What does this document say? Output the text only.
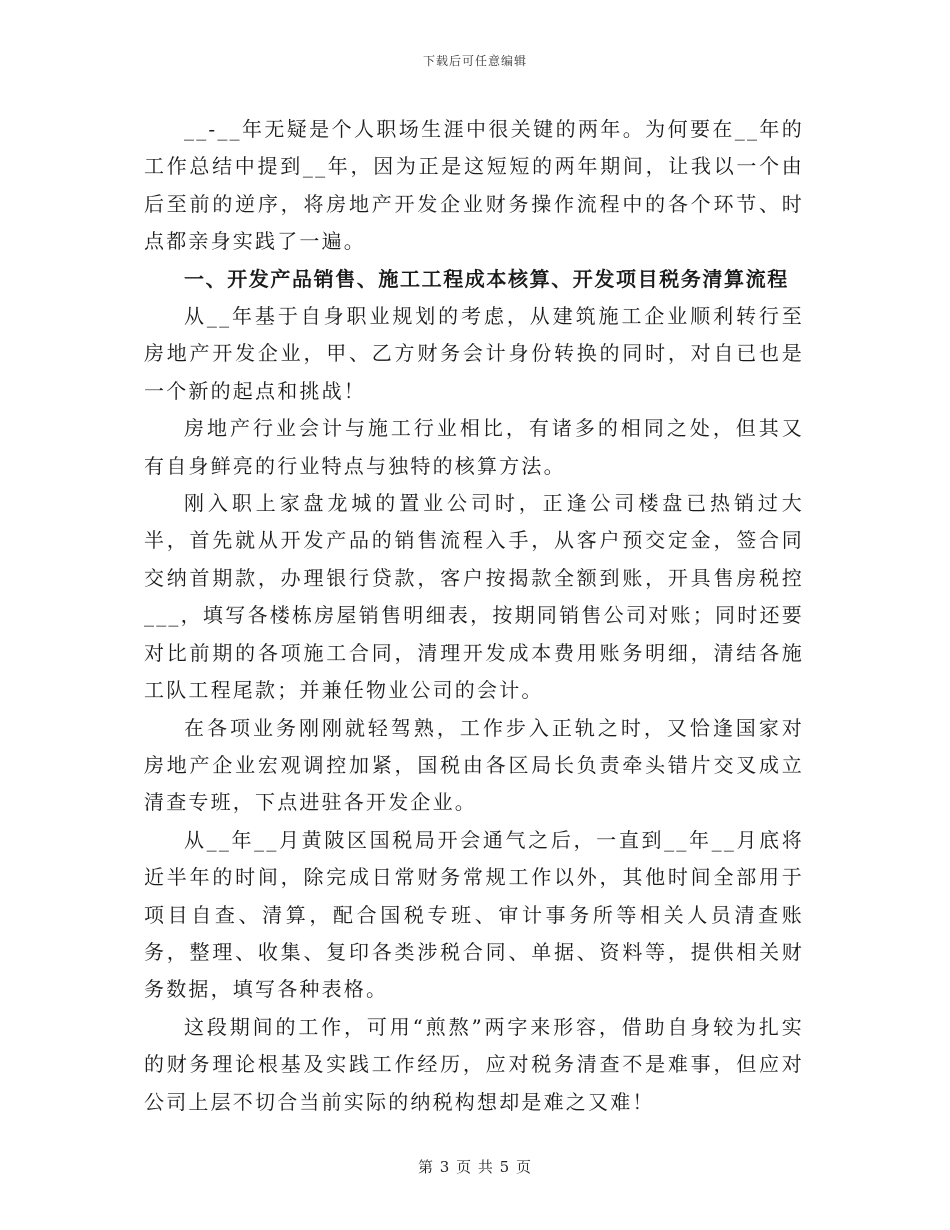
下载后可任意编辑

__-__年无疑是个人职场生涯中很关键的两年。为何要在__年的工作总结中提到__年，因为正是这短短的两年期间，让我以一个由后至前的逆序，将房地产开发企业财务操作流程中的各个环节、时点都亲身实践了一遍。

一、开发产品销售、施工工程成本核算、开发项目税务清算流程

从__年基于自身职业规划的考虑，从建筑施工企业顺利转行至房地产开发企业，甲、乙方财务会计身份转换的同时，对自已也是一个新的起点和挑战！

房地产行业会计与施工行业相比，有诸多的相同之处，但其又有自身鲜亮的行业特点与独特的核算方法。

刚入职上家盘龙城的置业公司时，正逢公司楼盘已热销过大半，首先就从开发产品的销售流程入手，从客户预交定金，签合同交纳首期款，办理银行贷款，客户按揭款全额到账，开具售房税控___，填写各楼栋房屋销售明细表，按期同销售公司对账；同时还要对比前期的各项施工合同，清理开发成本费用账务明细，清结各施工队工程尾款；并兼任物业公司的会计。

在各项业务刚刚就轻驾熟，工作步入正轨之时，又恰逢国家对房地产企业宏观调控加紧，国税由各区局长负责牵头错片交叉成立清查专班，下点进驻各开发企业。

从__年__月黄陂区国税局开会通气之后，一直到__年__月底将近半年的时间，除完成日常财务常规工作以外，其他时间全部用于项目自查、清算，配合国税专班、审计事务所等相关人员清查账务，整理、收集、复印各类涉税合同、单据、资料等，提供相关财务数据，填写各种表格。

这段期间的工作，可用“煎熬”两字来形容，借助自身较为扎实的财务理论根基及实践工作经历，应对税务清查不是难事，但应对公司上层不切合当前实际的纳税构想却是难之又难！

第 3 页 共 5 页
